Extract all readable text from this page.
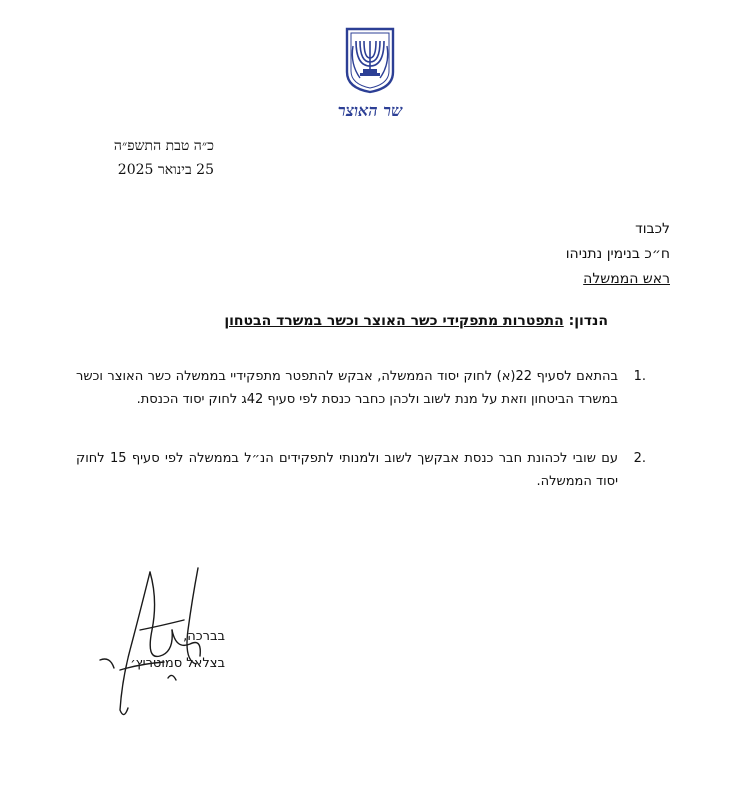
שר האוצר
כ״ה טבת התשפ״ה
25 בינואר 2025
לכבוד
ח״כ בנימין נתניהו
ראש הממשלה
הנדון: התפטרות מתפקידי כשר האוצר וכשר במשרד הבטחון
1.
בהתאם לסעיף 22(א) לחוק יסוד הממשלה, אבקש להתפטר מתפקידיי בממשלה כשר האוצר וכשר במשרד הביטחון וזאת על מנת לשוב ולכהן כחבר כנסת לפי סעיף 42ג לחוק יסוד הכנסת.
2.
עם שובי לכהונת חבר כנסת אבקשך לשוב ולמנותי לתפקידים הנ״ל בממשלה לפי סעיף 15 לחוק יסוד הממשלה.
בברכה,
בצלאל סמוטריץ׳
